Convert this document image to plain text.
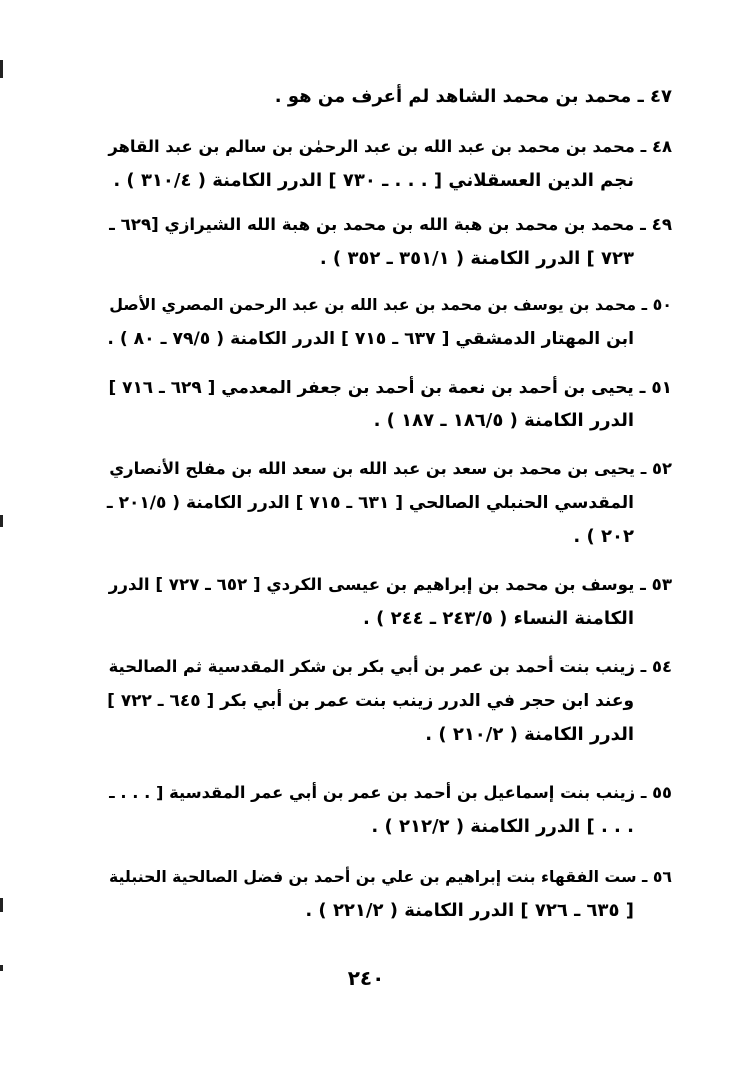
٤٧ ـ محمد بن محمد الشاهد لم أعرف من هو .
٤٨ ـ محمد بن محمد بن عبد الله بن عبد الرحمٰن بن سالم بن عبد القاهر
نجم الدين العسقلاني [ . . . ـ ٧٣٠ ] الدرر الكامنة ( ٣١٠/٤ ) .
٤٩ ـ محمد بن محمد بن هبة الله بن محمد بن هبة الله الشيرازي [٦٢٩ ـ
٧٢٣ ] الدرر الكامنة ( ٣٥١/١ ـ ٣٥٢ ) .
٥٠ ـ محمد بن يوسف بن محمد بن عبد الله بن عبد الرحمن المصري الأصل
ابن المهتار الدمشقي [ ٦٣٧ ـ ٧١٥ ] الدرر الكامنة ( ٧٩/٥ ـ ٨٠ ) .
٥١ ـ يحيى بن أحمد بن نعمة بن أحمد بن جعفر المعدمي [ ٦٢٩ ـ ٧١٦ ]
الدرر الكامنة ( ١٨٦/٥ ـ ١٨٧ ) .
٥٢ ـ يحيى بن محمد بن سعد بن عبد الله بن سعد الله بن مفلح الأنصاري
المقدسي الحنبلي الصالحي [ ٦٣١ ـ ٧١٥ ] الدرر الكامنة ( ٢٠١/٥ ـ
٢٠٢ ) .
٥٣ ـ يوسف بن محمد بن إبراهيم بن عيسى الكردي [ ٦٥٢ ـ ٧٢٧ ] الدرر
الكامنة النساء ( ٢٤٣/٥ ـ ٢٤٤ ) .
٥٤ ـ زينب بنت أحمد بن عمر بن أبي بكر بن شكر المقدسية ثم الصالحية
وعند ابن حجر في الدرر زينب بنت عمر بن أبي بكر [ ٦٤٥ ـ ٧٢٢ ]
الدرر الكامنة ( ٢١٠/٢ ) .
٥٥ ـ زينب بنت إسماعيل بن أحمد بن عمر بن أبي عمر المقدسية [ . . . ـ
. . . ] الدرر الكامنة ( ٢١٢/٢ ) .
٥٦ ـ ست الفقهاء بنت إبراهيم بن علي بن أحمد بن فضل الصالحية الحنبلية
[ ٦٣٥ ـ ٧٢٦ ] الدرر الكامنة ( ٢٢١/٢ ) .
٢٤٠
